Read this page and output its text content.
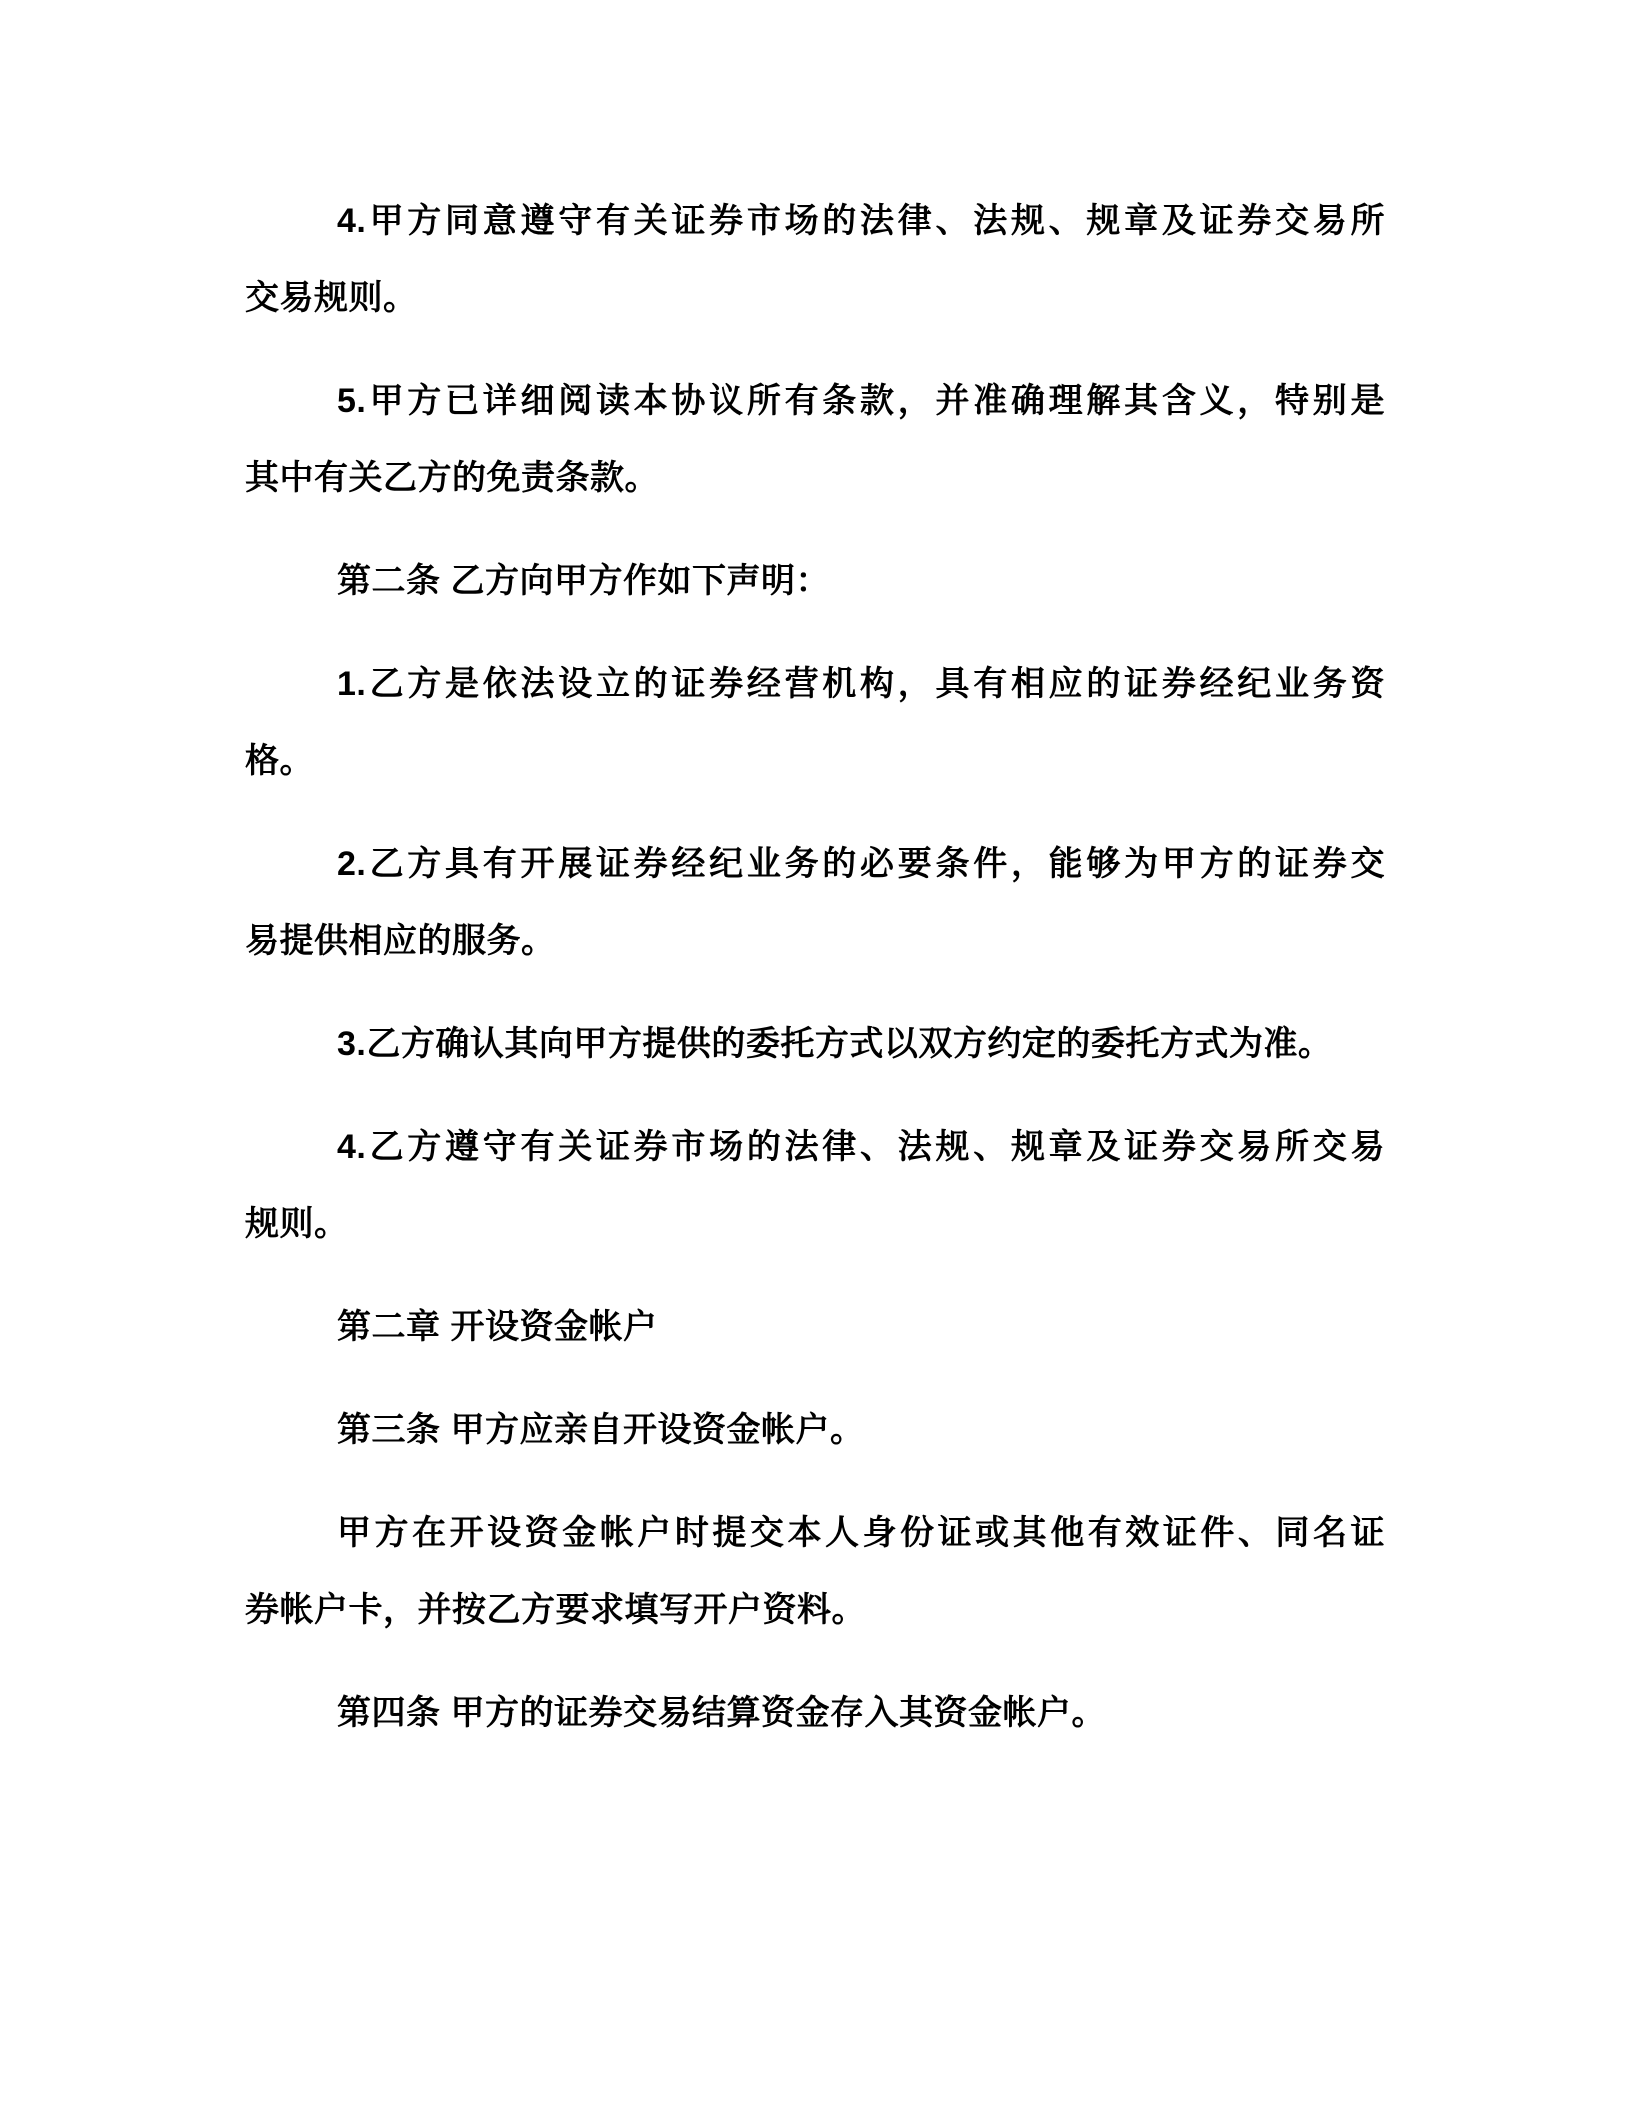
4.甲方同意遵守有关证券市场的法律、法规、规章及证券交易所
交易规则。
5.甲方已详细阅读本协议所有条款，并准确理解其含义，特别是
其中有关乙方的免责条款。
第二条 乙方向甲方作如下声明：
1.乙方是依法设立的证券经营机构，具有相应的证券经纪业务资
格。
2.乙方具有开展证券经纪业务的必要条件，能够为甲方的证券交
易提供相应的服务。
3.乙方确认其向甲方提供的委托方式以双方约定的委托方式为准。
4.乙方遵守有关证券市场的法律、法规、规章及证券交易所交易
规则。
第二章 开设资金帐户
第三条 甲方应亲自开设资金帐户。
甲方在开设资金帐户时提交本人身份证或其他有效证件、同名证
券帐户卡，并按乙方要求填写开户资料。
第四条 甲方的证券交易结算资金存入其资金帐户。
